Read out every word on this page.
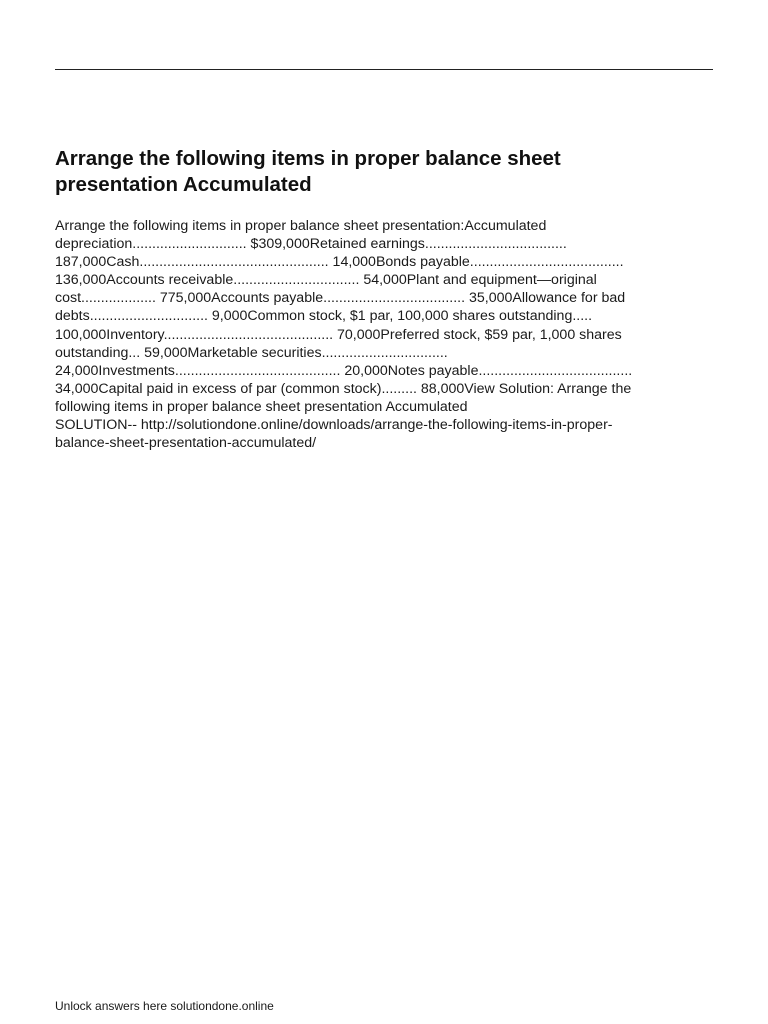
Arrange the following items in proper balance sheet
presentation Accumulated
Arrange the following items in proper balance sheet presentation:Accumulated
depreciation............................. $309,000Retained earnings....................................
187,000Cash................................................ 14,000Bonds payable.......................................
136,000Accounts receivable................................ 54,000Plant and equipment—original
cost................... 775,000Accounts payable.................................... 35,000Allowance for bad
debts.............................. 9,000Common stock, $1 par, 100,000 shares outstanding.....
100,000Inventory........................................... 70,000Preferred stock, $59 par, 1,000 shares
outstanding... 59,000Marketable securities................................
24,000Investments.......................................... 20,000Notes payable.......................................
34,000Capital paid in excess of par (common stock)......... 88,000View Solution: Arrange the
following items in proper balance sheet presentation Accumulated
SOLUTION-- http://solutiondone.online/downloads/arrange-the-following-items-in-proper-
balance-sheet-presentation-accumulated/

Unlock answers here solutiondone.online
